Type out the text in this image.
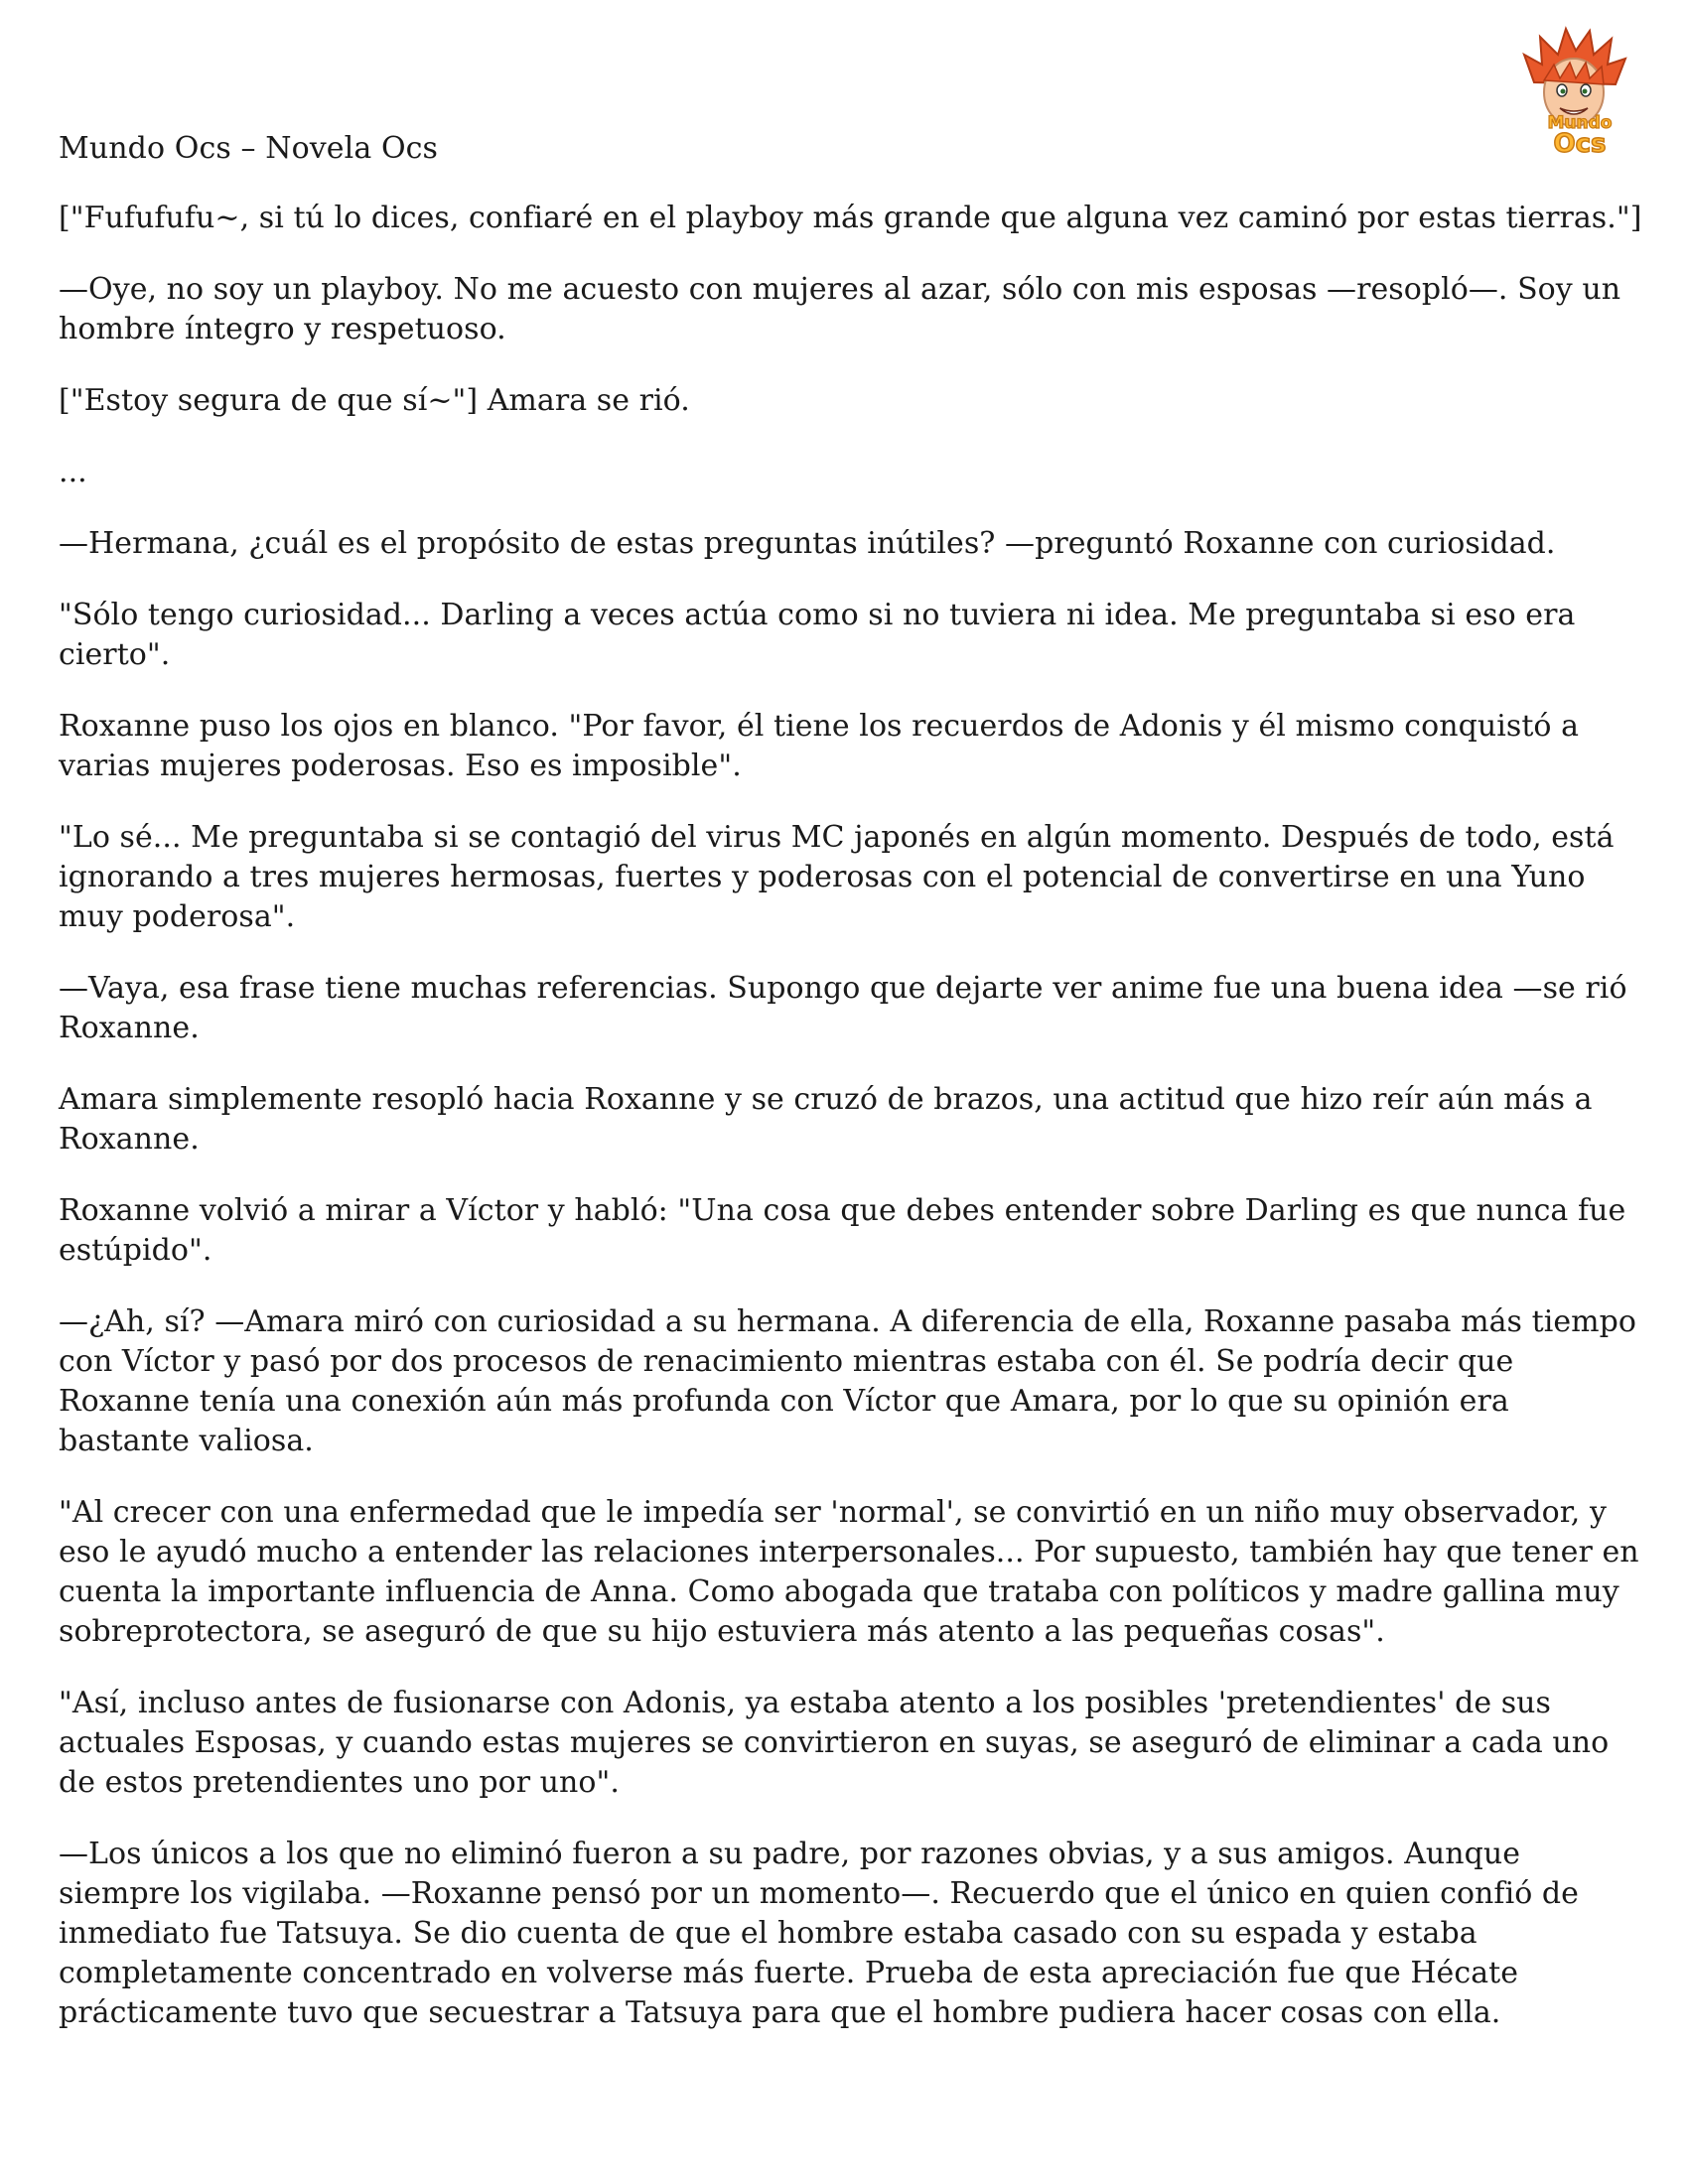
Mundo
Ocs
Mundo Ocs – Novela Ocs

["Fufufufu~, si tú lo dices, confiaré en el playboy más grande que alguna vez caminó por estas tierras."]

—Oye, no soy un playboy. No me acuesto con mujeres al azar, sólo con mis esposas —resopló—. Soy un hombre íntegro y respetuoso.

["Estoy segura de que sí~"] Amara se rió.

...

—Hermana, ¿cuál es el propósito de estas preguntas inútiles? —preguntó Roxanne con curiosidad.

"Sólo tengo curiosidad... Darling a veces actúa como si no tuviera ni idea. Me preguntaba si eso era cierto".

Roxanne puso los ojos en blanco. "Por favor, él tiene los recuerdos de Adonis y él mismo conquistó a varias mujeres poderosas. Eso es imposible".

"Lo sé... Me preguntaba si se contagió del virus MC japonés en algún momento. Después de todo, está ignorando a tres mujeres hermosas, fuertes y poderosas con el potencial de convertirse en una Yuno muy poderosa".

—Vaya, esa frase tiene muchas referencias. Supongo que dejarte ver anime fue una buena idea —se rió Roxanne.

Amara simplemente resopló hacia Roxanne y se cruzó de brazos, una actitud que hizo reír aún más a Roxanne.

Roxanne volvió a mirar a Víctor y habló: "Una cosa que debes entender sobre Darling es que nunca fue estúpido".

—¿Ah, sí? —Amara miró con curiosidad a su hermana. A diferencia de ella, Roxanne pasaba más tiempo con Víctor y pasó por dos procesos de renacimiento mientras estaba con él. Se podría decir que Roxanne tenía una conexión aún más profunda con Víctor que Amara, por lo que su opinión era bastante valiosa.

"Al crecer con una enfermedad que le impedía ser 'normal', se convirtió en un niño muy observador, y eso le ayudó mucho a entender las relaciones interpersonales... Por supuesto, también hay que tener en cuenta la importante influencia de Anna. Como abogada que trataba con políticos y madre gallina muy sobreprotectora, se aseguró de que su hijo estuviera más atento a las pequeñas cosas".

"Así, incluso antes de fusionarse con Adonis, ya estaba atento a los posibles 'pretendientes' de sus actuales Esposas, y cuando estas mujeres se convirtieron en suyas, se aseguró de eliminar a cada uno de estos pretendientes uno por uno".

—Los únicos a los que no eliminó fueron a su padre, por razones obvias, y a sus amigos. Aunque siempre los vigilaba. —Roxanne pensó por un momento—. Recuerdo que el único en quien confió de inmediato fue Tatsuya. Se dio cuenta de que el hombre estaba casado con su espada y estaba completamente concentrado en volverse más fuerte. Prueba de esta apreciación fue que Hécate prácticamente tuvo que secuestrar a Tatsuya para que el hombre pudiera hacer cosas con ella.
